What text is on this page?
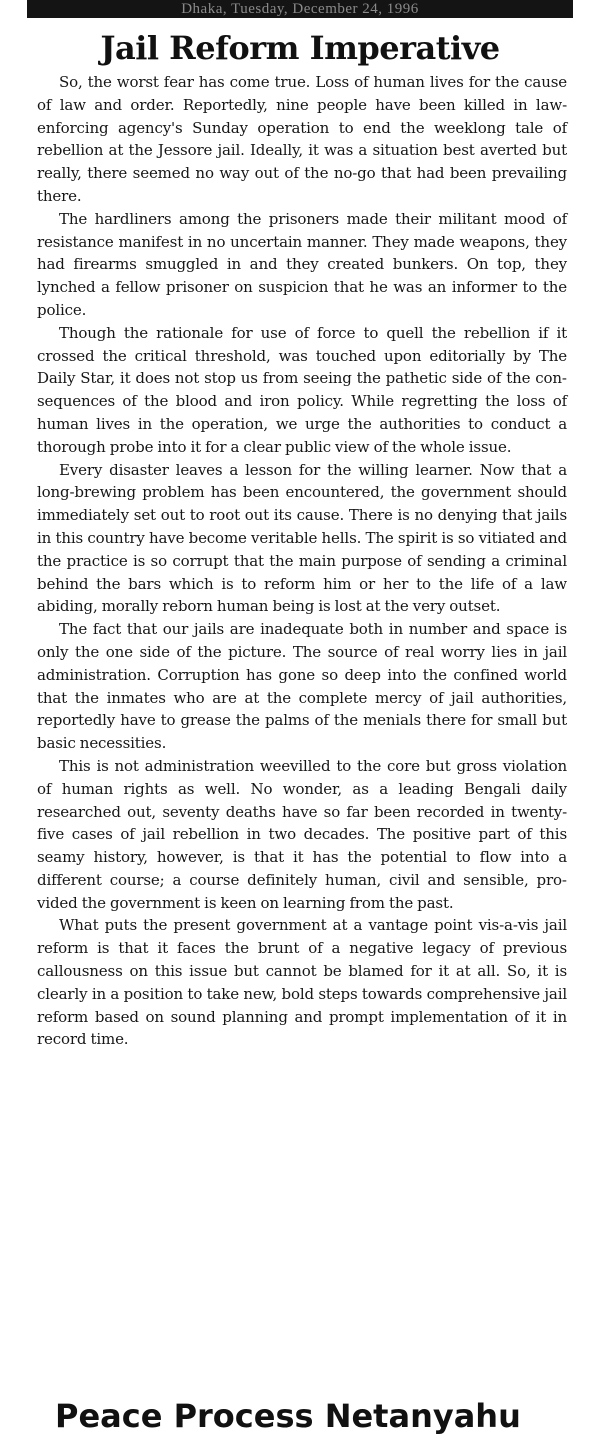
Dhaka, Tuesday, December 24, 1996
Jail Reform Imperative

So, the worst fear has come true. Loss of human lives for the cause of law and order. Reportedly, nine people have been killed in law-enforcing agency's Sunday operation to end the weeklong tale of rebellion at the Jessore jail. Ideally, it was a situation best averted but really, there seemed no way out of the no-go that had been prevailing there.

The hardliners among the prisoners made their militant mood of resistance manifest in no uncertain manner. They made weapons, they had firearms smuggled in and they created bunkers. On top, they lynched a fellow prisoner on suspicion that he was an informer to the police.

Though the rationale for use of force to quell the rebellion if it crossed the critical threshold, was touched upon editorially by The Daily Star, it does not stop us from seeing the pathetic side of the consequences of the blood and iron policy. While regretting the loss of human lives in the operation, we urge the authorities to conduct a thorough probe into it for a clear public view of the whole issue.

Every disaster leaves a lesson for the willing learner. Now that a long-brewing problem has been encountered, the government should immediately set out to root out its cause. There is no denying that jails in this country have become veritable hells. The spirit is so vitiated and the practice is so corrupt that the main purpose of sending a criminal behind the bars which is to reform him or her to the life of a law abiding, morally reborn human being is lost at the very outset.

The fact that our jails are inadequate both in number and space is only the one side of the picture. The source of real worry lies in jail administration. Corruption has gone so deep into the confined world that the inmates who are at the complete mercy of jail authorities, reportedly have to grease the palms of the menials there for small but basic necessities.

This is not administration weevilled to the core but gross violation of human rights as well. No wonder, as a leading Bengali daily researched out, seventy deaths have so far been recorded in twenty-five cases of jail rebellion in two decades. The positive part of this seamy history, however, is that it has the potential to flow into a different course; a course definitely human, civil and sensible, provided the government is keen on learning from the past.

What puts the present government at a vantage point vis-a-vis jail reform is that it faces the brunt of a negative legacy of previous callousness on this issue but cannot be blamed for it at all. So, it is clearly in a position to take new, bold steps towards comprehensive jail reform based on sound planning and prompt implementation of it in record time.

Peace Process Netanyahu
